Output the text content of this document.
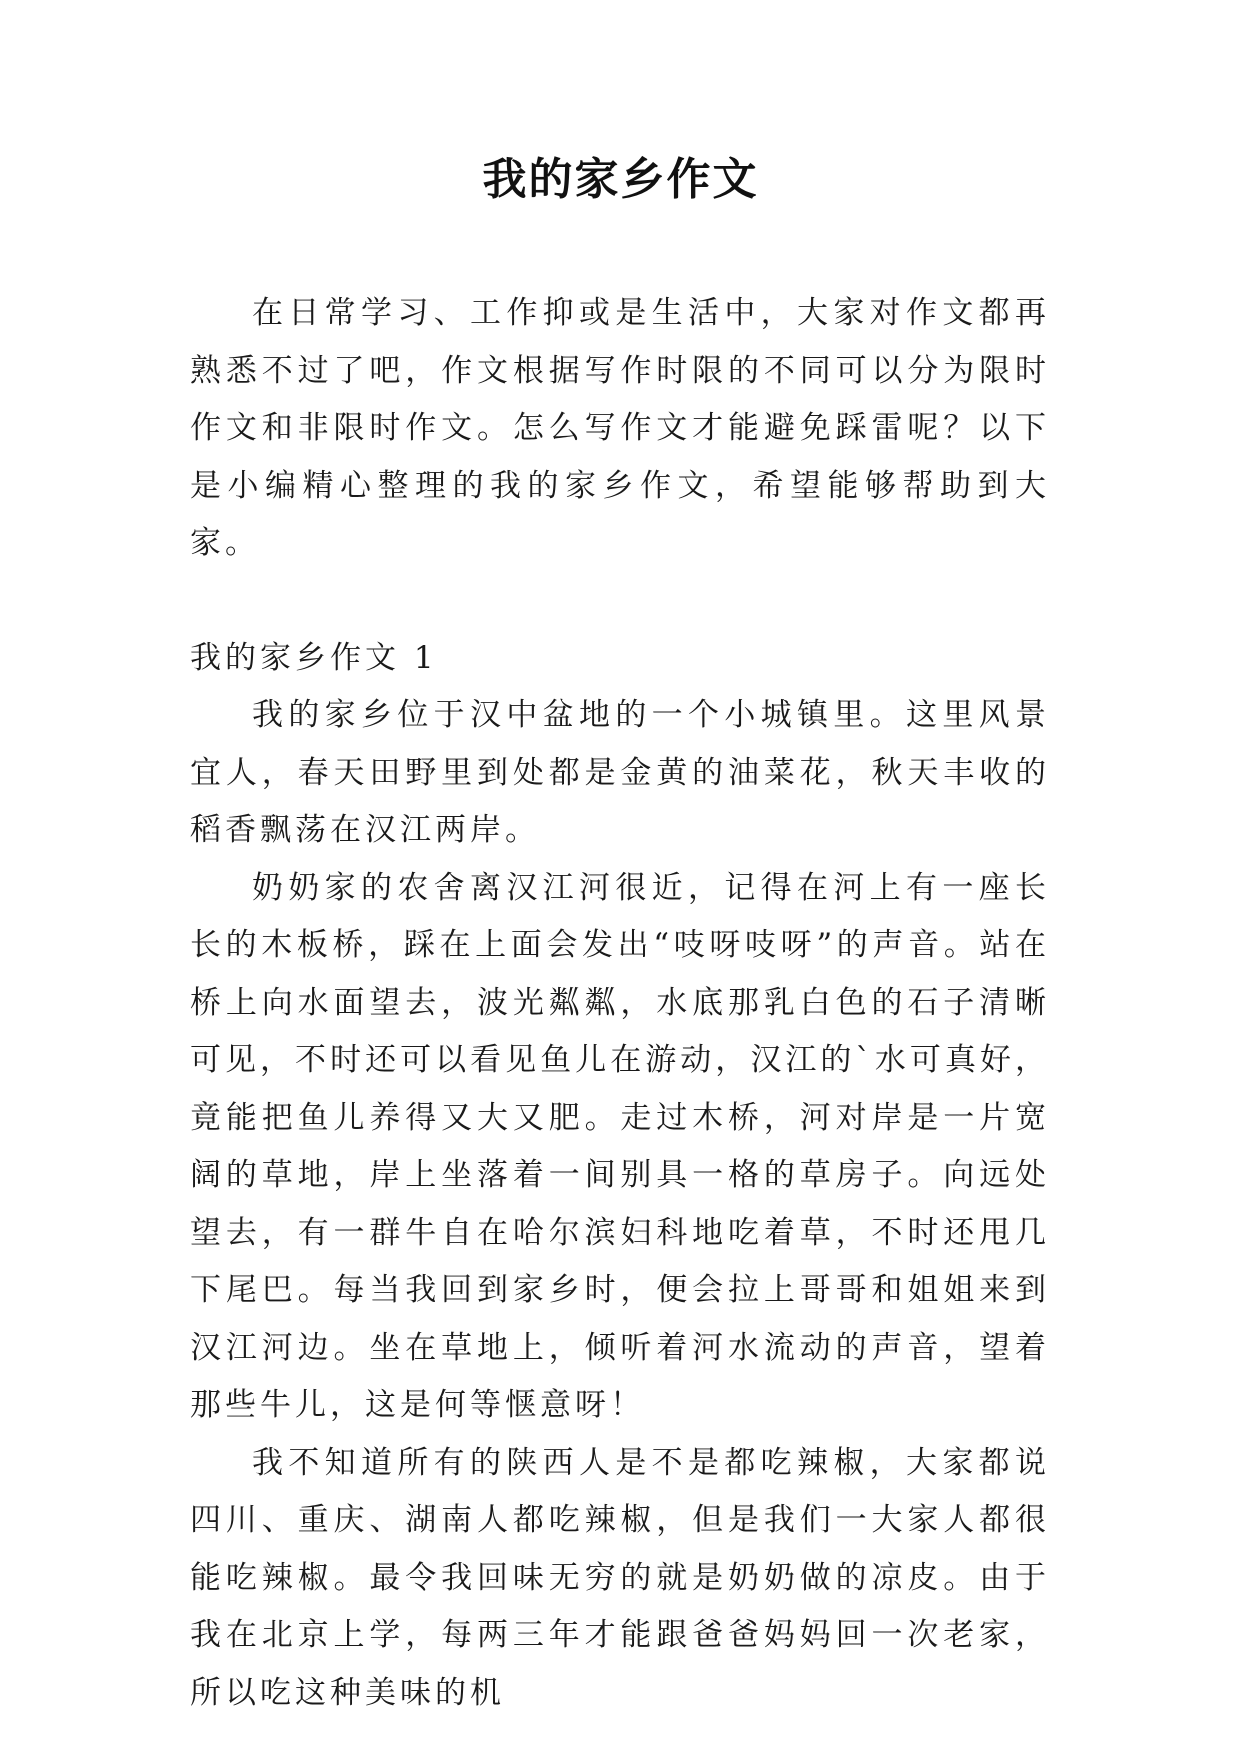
我的家乡作文

在日常学习、工作抑或是生活中，大家对作文都再熟悉不过了吧，作文根据写作时限的不同可以分为限时作文和非限时作文。怎么写作文才能避免踩雷呢？以下是小编精心整理的我的家乡作文，希望能够帮助到大家。

我的家乡作文 1

我的家乡位于汉中盆地的一个小城镇里。这里风景宜人，春天田野里到处都是金黄的油菜花，秋天丰收的稻香飘荡在汉江两岸。

奶奶家的农舍离汉江河很近，记得在河上有一座长长的木板桥，踩在上面会发出“吱呀吱呀”的声音。站在桥上向水面望去，波光粼粼，水底那乳白色的石子清晰可见，不时还可以看见鱼儿在游动，汉江的`水可真好，竟能把鱼儿养得又大又肥。走过木桥，河对岸是一片宽阔的草地，岸上坐落着一间别具一格的草房子。向远处望去，有一群牛自在哈尔滨妇科地吃着草，不时还甩几下尾巴。每当我回到家乡时，便会拉上哥哥和姐姐来到汉江河边。坐在草地上，倾听着河水流动的声音，望着那些牛儿，这是何等惬意呀！

我不知道所有的陕西人是不是都吃辣椒，大家都说四川、重庆、湖南人都吃辣椒，但是我们一大家人都很能吃辣椒。最令我回味无穷的就是奶奶做的凉皮。由于我在北京上学，每两三年才能跟爸爸妈妈回一次老家，所以吃这种美味的机
